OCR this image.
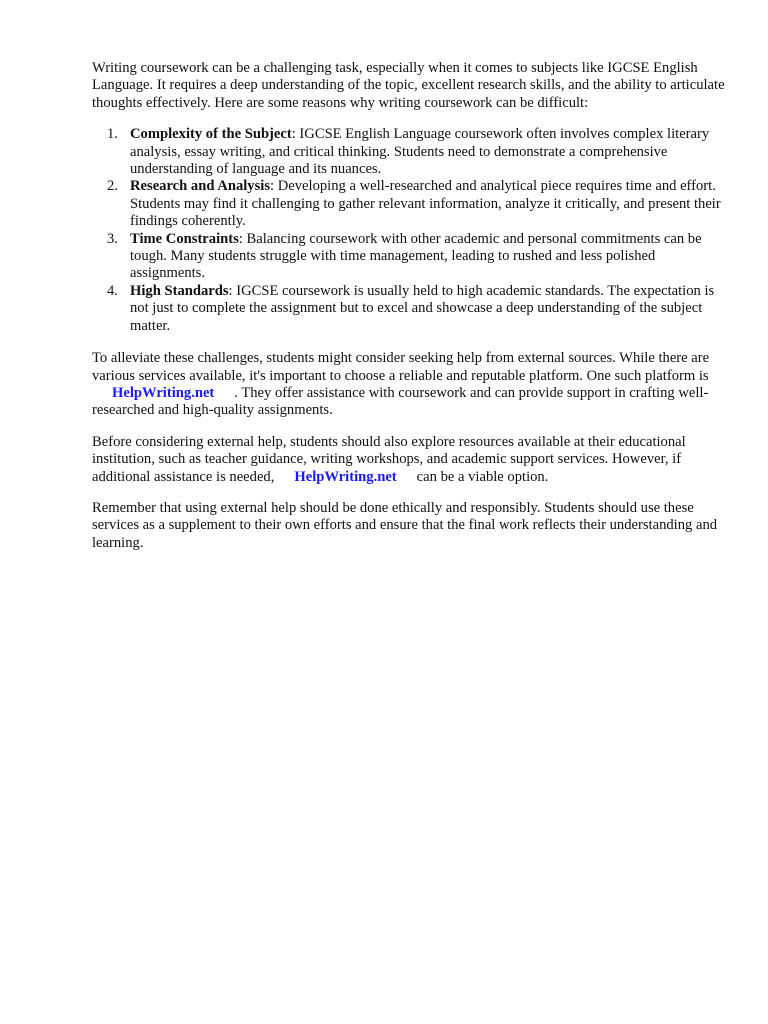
Writing coursework can be a challenging task, especially when it comes to subjects like IGCSE English Language. It requires a deep understanding of the topic, excellent research skills, and the ability to articulate thoughts effectively. Here are some reasons why writing coursework can be difficult:

1. Complexity of the Subject: IGCSE English Language coursework often involves complex literary analysis, essay writing, and critical thinking. Students need to demonstrate a comprehensive understanding of language and its nuances.
2. Research and Analysis: Developing a well-researched and analytical piece requires time and effort. Students may find it challenging to gather relevant information, analyze it critically, and present their findings coherently.
3. Time Constraints: Balancing coursework with other academic and personal commitments can be tough. Many students struggle with time management, leading to rushed and less polished assignments.
4. High Standards: IGCSE coursework is usually held to high academic standards. The expectation is not just to complete the assignment but to excel and showcase a deep understanding of the subject matter.

To alleviate these challenges, students might consider seeking help from external sources. While there are various services available, it's important to choose a reliable and reputable platform. One such platform isHelpWriting.net . They offer assistance with coursework and can provide support in crafting well-researched and high-quality assignments.

Before considering external help, students should also explore resources available at their educational institution, such as teacher guidance, writing workshops, and academic support services. However, if additional assistance is needed, HelpWriting.net can be a viable option.

Remember that using external help should be done ethically and responsibly. Students should use these services as a supplement to their own efforts and ensure that the final work reflects their understanding and learning.
